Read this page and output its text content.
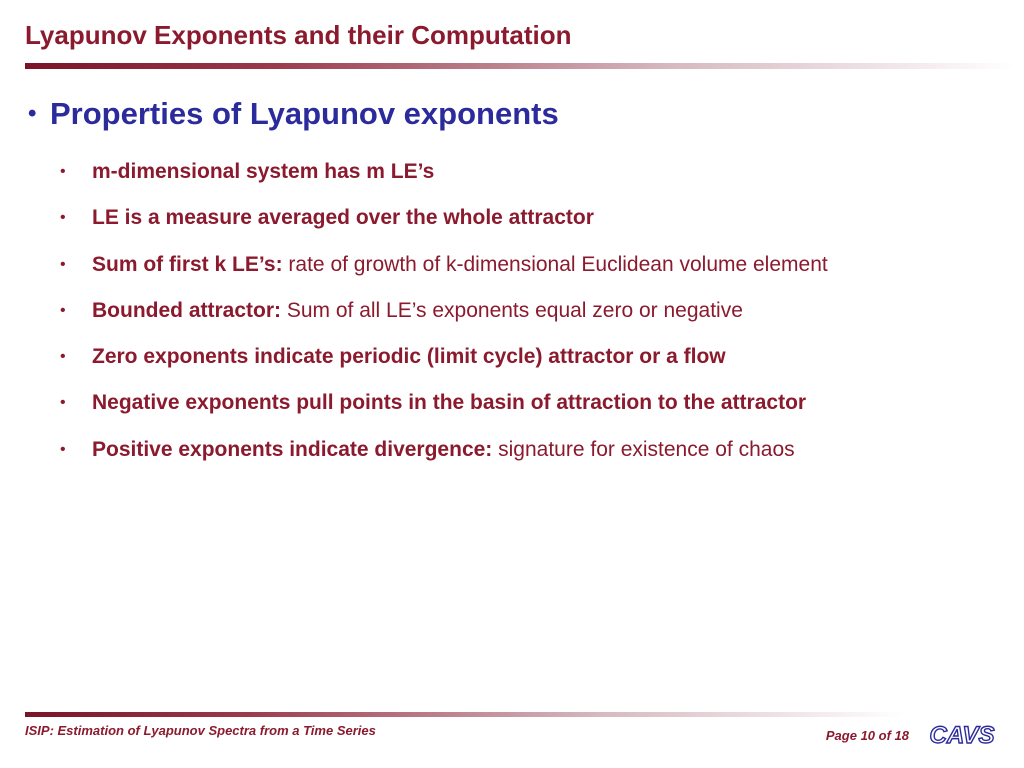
Lyapunov Exponents and their Computation
• Properties of Lyapunov exponents
• m-dimensional system has m LE’s
• LE is a measure averaged over the whole attractor
• Sum of first k LE’s: rate of growth of k-dimensional Euclidean volume element
• Bounded attractor: Sum of all LE’s exponents equal zero or negative
• Zero exponents indicate periodic (limit cycle) attractor or a flow
• Negative exponents pull points in the basin of attraction to the attractor
• Positive exponents indicate divergence: signature for existence of chaos
ISIP: Estimation of Lyapunov Spectra from a Time Series	Page 10 of 18 CAVS
